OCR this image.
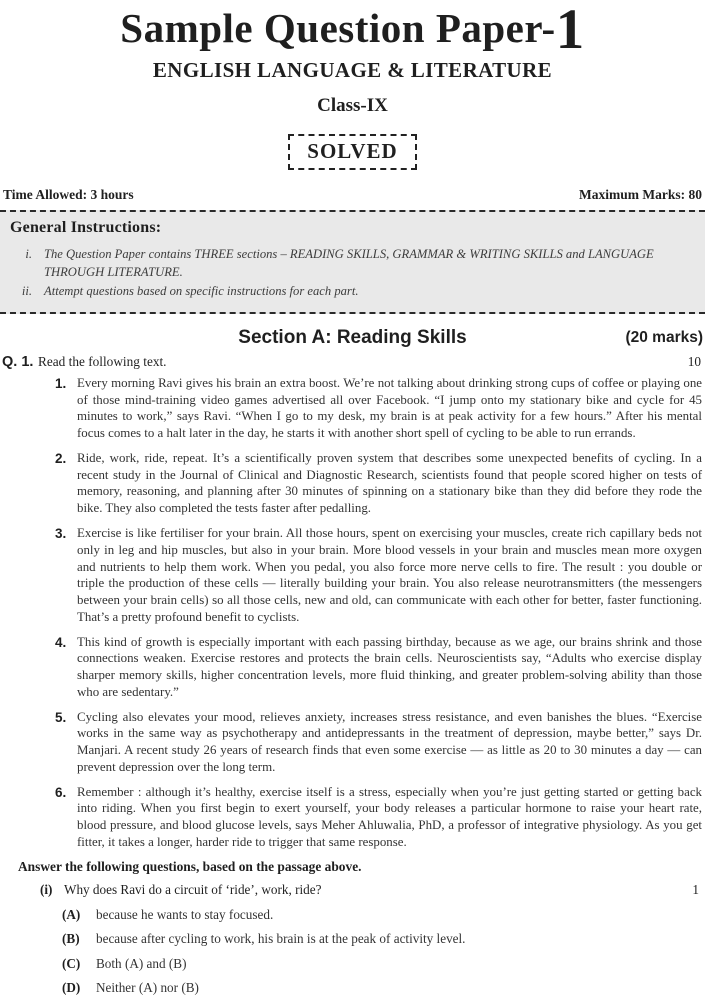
Sample Question Paper-1
ENGLISH LANGUAGE & LITERATURE
Class-IX
SOLVED
Time Allowed: 3 hours	Maximum Marks: 80
General Instructions:
i. The Question Paper contains THREE sections – READING SKILLS, GRAMMAR & WRITING SKILLS and LANGUAGE THROUGH LITERATURE.
ii. Attempt questions based on specific instructions for each part.
Section A: Reading Skills	(20 marks)
Q. 1. Read the following text.	10
1. Every morning Ravi gives his brain an extra boost. We’re not talking about drinking strong cups of coffee or playing one of those mind-training video games advertised all over Facebook. “I jump onto my stationary bike and cycle for 45 minutes to work,” says Ravi. “When I go to my desk, my brain is at peak activity for a few hours.” After his mental focus comes to a halt later in the day, he starts it with another short spell of cycling to be able to run errands.
2. Ride, work, ride, repeat. It’s a scientifically proven system that describes some unexpected benefits of cycling. In a recent study in the Journal of Clinical and Diagnostic Research, scientists found that people scored higher on tests of memory, reasoning, and planning after 30 minutes of spinning on a stationary bike than they did before they rode the bike. They also completed the tests faster after pedalling.
3. Exercise is like fertiliser for your brain. All those hours, spent on exercising your muscles, create rich capillary beds not only in leg and hip muscles, but also in your brain. More blood vessels in your brain and muscles mean more oxygen and nutrients to help them work. When you pedal, you also force more nerve cells to fire. The result : you double or triple the production of these cells — literally building your brain. You also release neurotransmitters (the messengers between your brain cells) so all those cells, new and old, can communicate with each other for better, faster functioning. That’s a pretty profound benefit to cyclists.
4. This kind of growth is especially important with each passing birthday, because as we age, our brains shrink and those connections weaken. Exercise restores and protects the brain cells. Neuroscientists say, “Adults who exercise display sharper memory skills, higher concentration levels, more fluid thinking, and greater problem-solving ability than those who are sedentary.”
5. Cycling also elevates your mood, relieves anxiety, increases stress resistance, and even banishes the blues. “Exercise works in the same way as psychotherapy and antidepressants in the treatment of depression, maybe better,” says Dr. Manjari. A recent study 26 years of research finds that even some exercise — as little as 20 to 30 minutes a day — can prevent depression over the long term.
6. Remember : although it’s healthy, exercise itself is a stress, especially when you’re just getting started or getting back into riding. When you first begin to exert yourself, your body releases a particular hormone to raise your heart rate, blood pressure, and blood glucose levels, says Meher Ahluwalia, PhD, a professor of integrative physiology. As you get fitter, it takes a longer, harder ride to trigger that same response.
Answer the following questions, based on the passage above.
(i) Why does Ravi do a circuit of ‘ride’, work, ride?	1
(A)	because he wants to stay focused.
(B)	because after cycling to work, his brain is at the peak of activity level.
(C)	Both (A) and (B)
(D)	Neither (A) nor (B)
